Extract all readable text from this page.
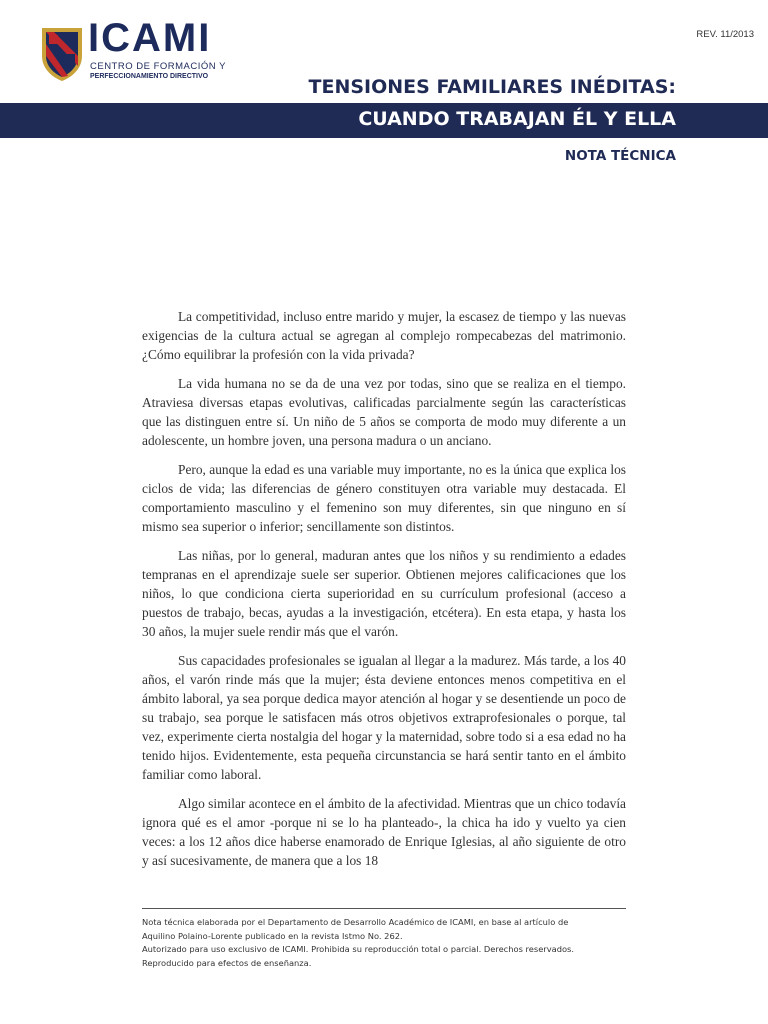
ICAMI
CENTRO DE FORMACIÓN Y
PERFECCIONAMIENTO DIRECTIVO
REV. 11/2013
TENSIONES FAMILIARES INÉDITAS:
CUANDO TRABAJAN ÉL Y ELLA
NOTA TÉCNICA

La competitividad, incluso entre marido y mujer, la escasez de tiempo y las nuevas exigencias de la cultura actual se agregan al complejo rompecabezas del matrimonio. ¿Cómo equilibrar la profesión con la vida privada?

La vida humana no se da de una vez por todas, sino que se realiza en el tiempo. Atraviesa diversas etapas evolutivas, calificadas parcialmente según las características que las distinguen entre sí. Un niño de 5 años se comporta de modo muy diferente a un adolescente, un hombre joven, una persona madura o un anciano.

Pero, aunque la edad es una variable muy importante, no es la única que explica los ciclos de vida; las diferencias de género constituyen otra variable muy destacada. El comportamiento masculino y el femenino son muy diferentes, sin que ninguno en sí mismo sea superior o inferior; sencillamente son distintos.

Las niñas, por lo general, maduran antes que los niños y su rendimiento a edades tempranas en el aprendizaje suele ser superior. Obtienen mejores calificaciones que los niños, lo que condiciona cierta superioridad en su currículum profesional (acceso a puestos de trabajo, becas, ayudas a la investigación, etcétera). En esta etapa, y hasta los 30 años, la mujer suele rendir más que el varón.

Sus capacidades profesionales se igualan al llegar a la madurez. Más tarde, a los 40 años, el varón rinde más que la mujer; ésta deviene entonces menos competitiva en el ámbito laboral, ya sea porque dedica mayor atención al hogar y se desentiende un poco de su trabajo, sea porque le satisfacen más otros objetivos extraprofesionales o porque, tal vez, experimente cierta nostalgia del hogar y la maternidad, sobre todo si a esa edad no ha tenido hijos. Evidentemente, esta pequeña circunstancia se hará sentir tanto en el ámbito familiar como laboral.

Algo similar acontece en el ámbito de la afectividad. Mientras que un chico todavía ignora qué es el amor -porque ni se lo ha planteado-, la chica ha ido y vuelto ya cien veces: a los 12 años dice haberse enamorado de Enrique Iglesias, al año siguiente de otro y así sucesivamente, de manera que a los 18

Nota técnica elaborada por el Departamento de Desarrollo Académico de ICAMI, en base al artículo de
Aquilino Polaino-Lorente publicado en la revista Istmo No. 262.
Autorizado para uso exclusivo de ICAMI. Prohibida su reproducción total o parcial. Derechos reservados.
Reproducido para efectos de enseñanza.
